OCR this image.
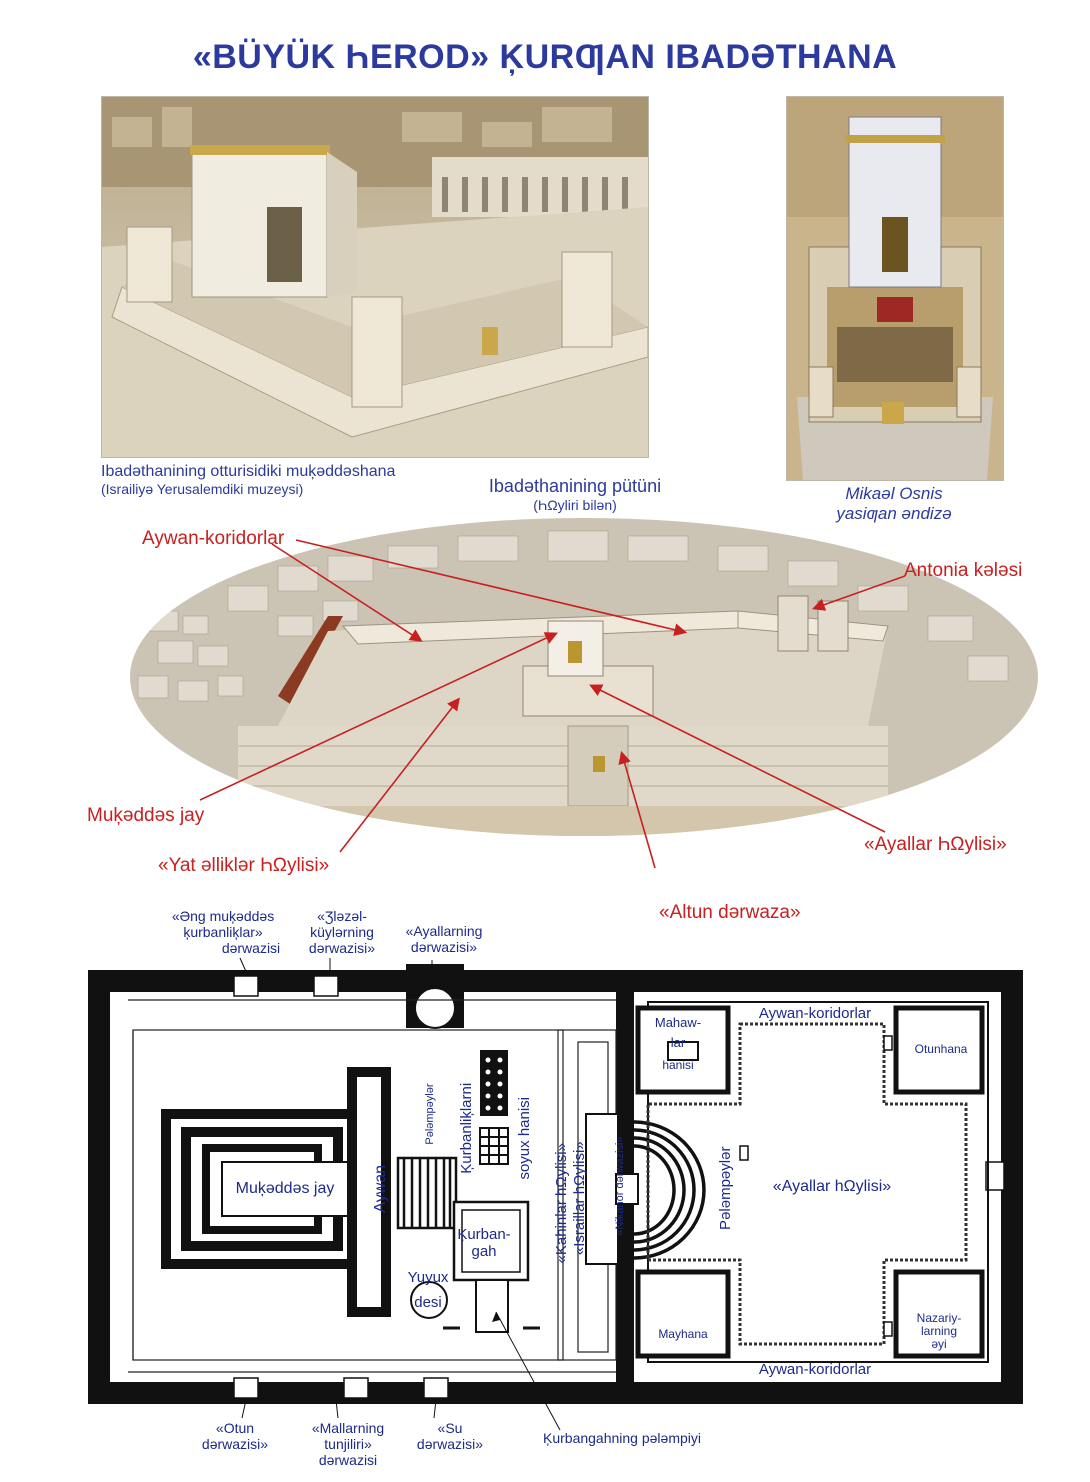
«BÜYÜK ҺEROD» ĶURƢAN IBADӘTHANA
Ibadəthanining otturisidiki muķəddəshana
(Israiliyə Yerusalemdiki muzeysi)	Mikaəl Osnis
yasiƣan əndizə
Ibadəthanining pütüni
(ҺΩyliri bilən)
Aywan-koridorlar
Antonia kələsi
Muķəddəs jay
«Ayallar ҺΩylisi»
«Yat əlliklər ҺΩylisi»
«Altun dərwaza»
«Əng muķəddəs
ķurbanliķlar»
dərwazisi
«Ʒləzəl-
küylərning
dərwazisi»
«Ayallarning
dərwazisi»
Muķəddəs jay	Aywan
Pələmpəylər Ķurbanliķlarni	soyux hanisi
«Kaһinlar һΩylisi» «Israillar һΩylisi» «Nikanor dərwazisi»
Ķurban-
gaһ
Yuyux
desi
Mahaw-
lar
hanisi
Otunhana
Mayhana
Nazariy-
larning
əyi
Aywan-koridorlar
Aywan-koridorlar
«Ayallar һΩylisi»
Pələmpəylər
«Otun
dərwazisi»
«Mallarning
tunjiliri»
dərwazisi
«Su
dərwazisi»	Ķurbangaһning pələmpiyi
